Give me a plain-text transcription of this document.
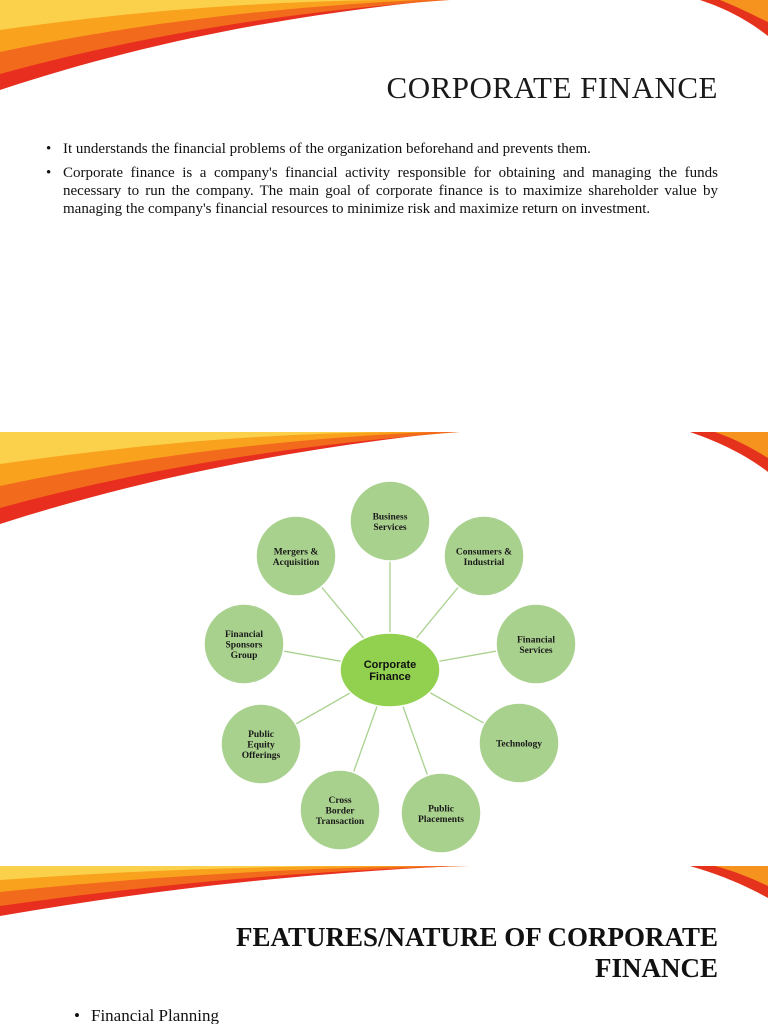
CORPORATE FINANCE
• It understands the financial problems of the organization beforehand and prevents them.
• Corporate finance is a company's financial activity responsible for obtaining and managing the funds necessary to run the company. The main goal of corporate finance is to maximize shareholder value by managing the company's financial resources to minimize risk and maximize return on investment.
Business
Services
Consumers &
Industrial
Financial
Services
Technology
Public
Placements
Cross
Border
Transaction
Public
Equity
Offerings
Financial
Sponsors
Group
Mergers &
Acquisition
Corporate
Finance
FEATURES/NATURE OF CORPORATE
FINANCE
• Financial Planning
